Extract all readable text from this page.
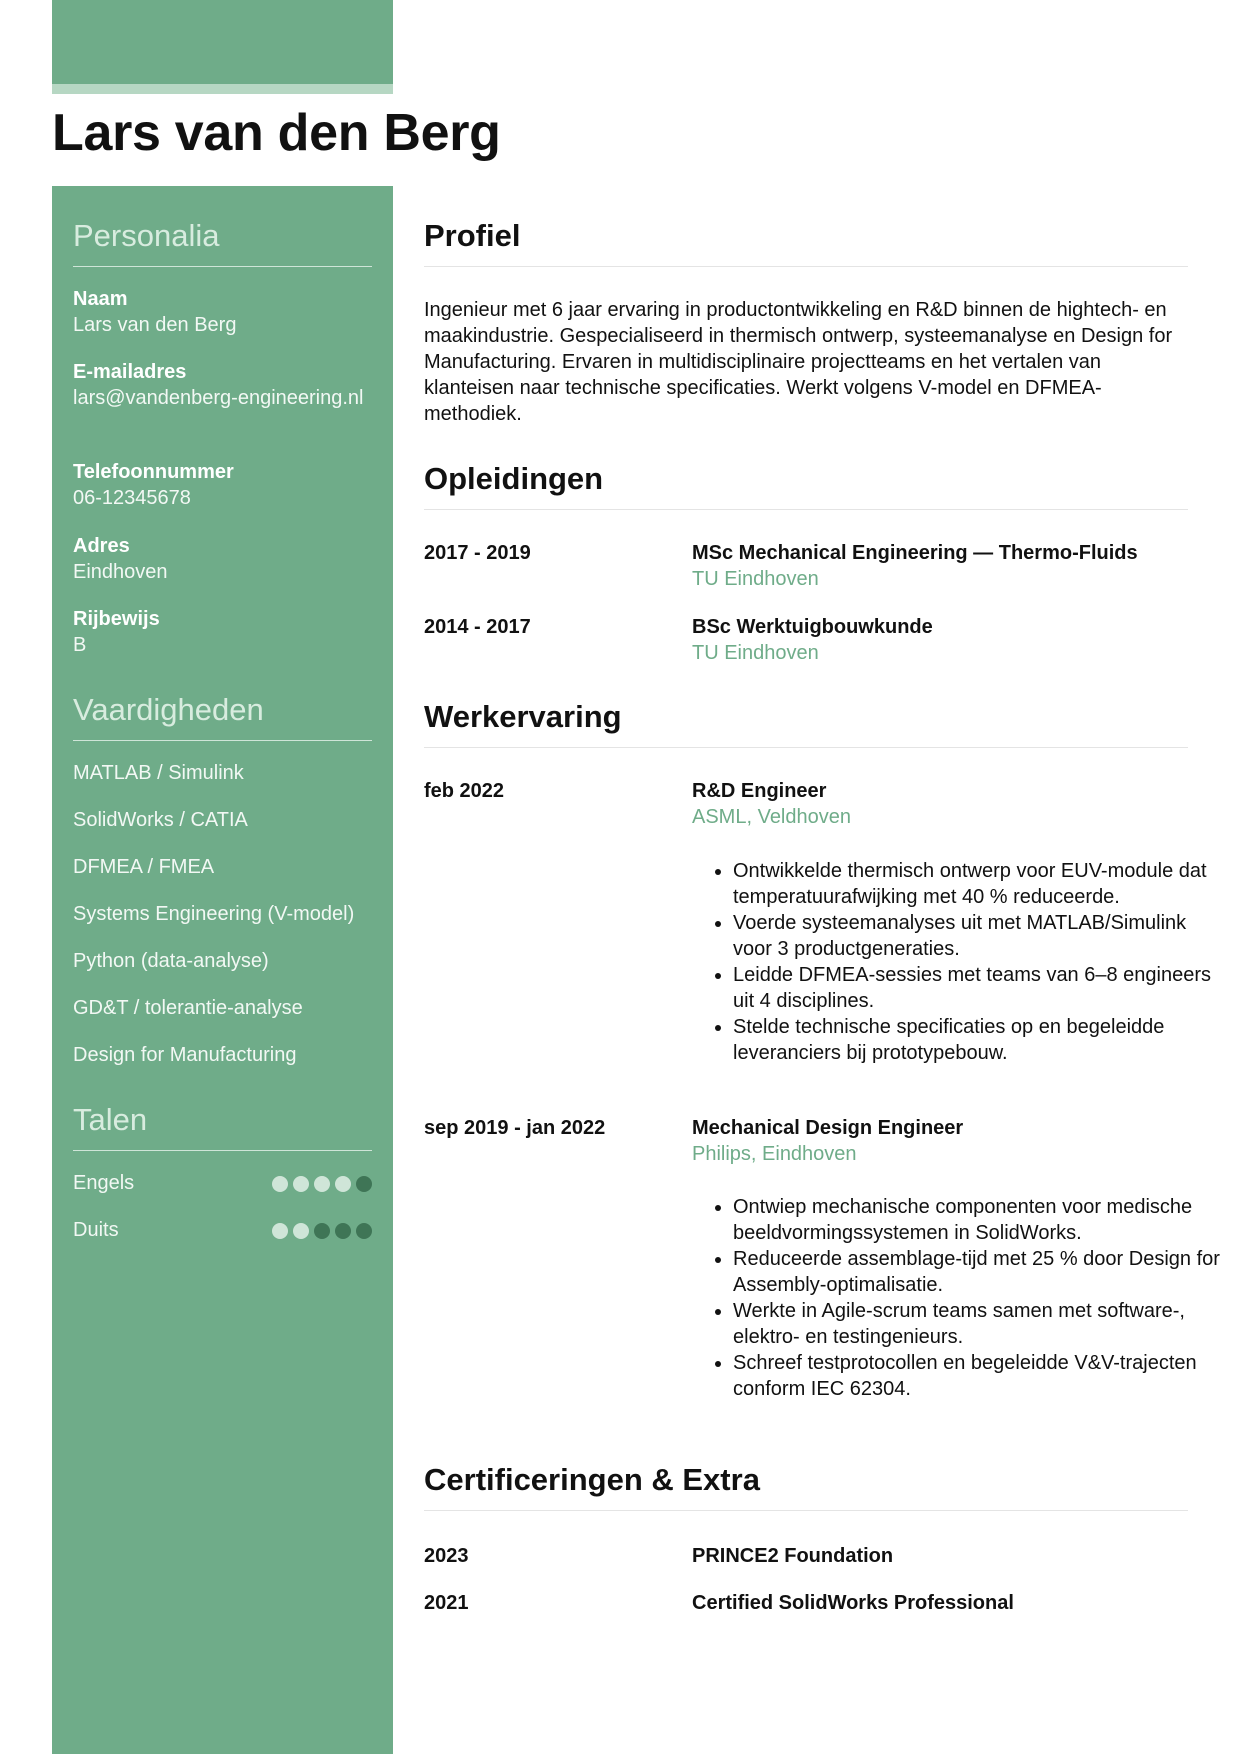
Lars van den Berg
Personalia
Naam
Lars van den Berg
E-mailadres
lars@vandenberg-engineering.nl
Telefoonnummer
06-12345678
Adres
Eindhoven
Rijbewijs
B
Vaardigheden
MATLAB / Simulink
SolidWorks / CATIA
DFMEA / FMEA
Systems Engineering (V-model)
Python (data-analyse)
GD&T / tolerantie-analyse
Design for Manufacturing
Talen
Engels
Duits
Profiel

Ingenieur met 6 jaar ervaring in productontwikkeling en R&D binnen de hightech- en maakindustrie. Gespecialiseerd in thermisch ontwerp, systeemanalyse en Design for Manufacturing. Ervaren in multidisciplinaire projectteams en het vertalen van klanteisen naar technische specificaties. Werkt volgens V-model en DFMEA-methodiek.

Opleidingen
2017 - 2019	MSc Mechanical Engineering — Thermo-Fluids
TU Eindhoven
2014 - 2017	BSc Werktuigbouwkunde
TU Eindhoven
Werkervaring
feb 2022	R&D Engineer
ASML, Veldhoven
• Ontwikkelde thermisch ontwerp voor EUV-module dat temperatuurafwijking met 40 % reduceerde.
• Voerde systeemanalyses uit met MATLAB/Simulink voor 3 productgeneraties.
• Leidde DFMEA-sessies met teams van 6–8 engineers uit 4 disciplines.
• Stelde technische specificaties op en begeleidde leveranciers bij prototypebouw.
sep 2019 - jan 2022	Mechanical Design Engineer
Philips, Eindhoven
• Ontwiep mechanische componenten voor medische beeldvormingssystemen in SolidWorks.
• Reduceerde assemblage-tijd met 25 % door Design for Assembly-optimalisatie.
• Werkte in Agile-scrum teams samen met software-, elektro- en testingenieurs.
• Schreef testprotocollen en begeleidde V&V-trajecten conform IEC 62304.
Certificeringen & Extra
2023	PRINCE2 Foundation
2021	Certified SolidWorks Professional
